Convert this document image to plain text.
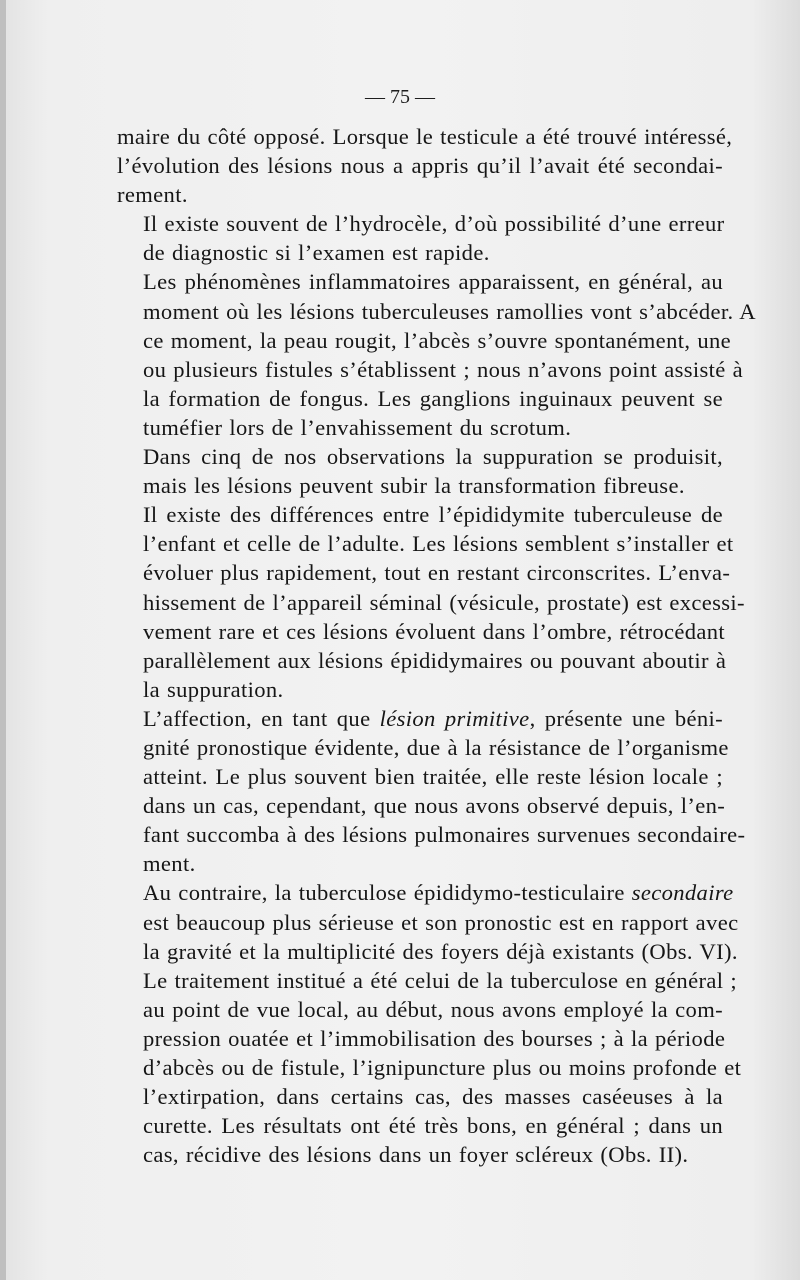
— 75 —

maire du côté opposé. Lorsque le testicule a été trouvé intéressé,
l’évolution des lésions nous a appris qu’il l’avait été secondai-
rement.
Il existe souvent de l’hydrocèle, d’où possibilité d’une erreur
de diagnostic si l’examen est rapide.
Les phénomènes inflammatoires apparaissent, en général, au
moment où les lésions tuberculeuses ramollies vont s’abcéder. A
ce moment, la peau rougit, l’abcès s’ouvre spontanément, une
ou plusieurs fistules s’établissent ; nous n’avons point assisté à
la formation de fongus. Les ganglions inguinaux peuvent se
tuméfier lors de l’envahissement du scrotum.
Dans cinq de nos observations la suppuration se produisit,
mais les lésions peuvent subir la transformation fibreuse.
Il existe des différences entre l’épididymite tuberculeuse de
l’enfant et celle de l’adulte. Les lésions semblent s’installer et
évoluer plus rapidement, tout en restant circonscrites. L’enva-
hissement de l’appareil séminal (vésicule, prostate) est excessi-
vement rare et ces lésions évoluent dans l’ombre, rétrocédant
parallèlement aux lésions épididymaires ou pouvant aboutir à
la suppuration.
L’affection, en tant que lésion primitive, présente une béni-
gnité pronostique évidente, due à la résistance de l’organisme
atteint. Le plus souvent bien traitée, elle reste lésion locale ;
dans un cas, cependant, que nous avons observé depuis, l’en-
fant succomba à des lésions pulmonaires survenues secondaire-
ment.
Au contraire, la tuberculose épididymo-testiculaire secondaire
est beaucoup plus sérieuse et son pronostic est en rapport avec
la gravité et la multiplicité des foyers déjà existants (Obs. VI).
Le traitement institué a été celui de la tuberculose en général ;
au point de vue local, au début, nous avons employé la com-
pression ouatée et l’immobilisation des bourses ; à la période
d’abcès ou de fistule, l’ignipuncture plus ou moins profonde et
l’extirpation, dans certains cas, des masses caséeuses à la
curette. Les résultats ont été très bons, en général ; dans un
cas, récidive des lésions dans un foyer scléreux (Obs. II).
